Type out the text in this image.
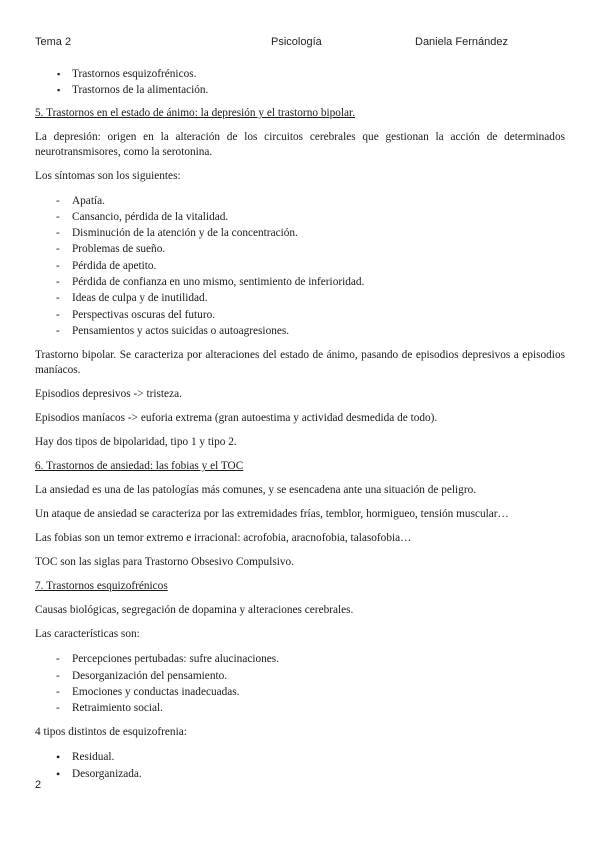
Tema 2	Psicología	Daniela Fernández
▪ Trastornos esquizofrénicos.
▪ Trastornos de la alimentación.
5. Trastornos en el estado de ánimo: la depresión y el trastorno bipolar.

La depresión: origen en la alteración de los circuitos cerebrales que gestionan la acción de determinados neurotransmisores, como la serotonina.

Los síntomas son los siguientes:

- Apatía.
- Cansancio, pérdida de la vitalidad.
- Disminución de la atención y de la concentración.
- Problemas de sueño.
- Pérdida de apetito.
- Pérdida de confianza en uno mismo, sentimiento de inferioridad.
- Ideas de culpa y de inutilidad.
- Perspectivas oscuras del futuro.
- Pensamientos y actos suicidas o autoagresiones.

Trastorno bipolar. Se caracteriza por alteraciones del estado de ánimo, pasando de episodios depresivos a episodios maníacos.

Episodios depresivos -> tristeza.

Episodios maníacos -> euforia extrema (gran autoestima y actividad desmedida de todo).

Hay dos tipos de bipolaridad, tipo 1 y tipo 2.

6. Trastornos de ansiedad: las fobias y el TOC

La ansiedad es una de las patologías más comunes, y se esencadena ante una situación de peligro.

Un ataque de ansiedad se caracteriza por las extremidades frías, temblor, hormigueo, tensión muscular…

Las fobias son un temor extremo e irracional: acrofobia, aracnofobia, talasofobia…

TOC son las siglas para Trastorno Obsesivo Compulsivo.

7. Trastornos esquizofrénicos

Causas biológicas, segregación de dopamina y alteraciones cerebrales.

Las características son:

- Percepciones pertubadas: sufre alucinaciones.
- Desorganización del pensamiento.
- Emociones y conductas inadecuadas.
- Retraimiento social.

4 tipos distintos de esquizofrenia:

• Residual.
• Desorganizada.
2
